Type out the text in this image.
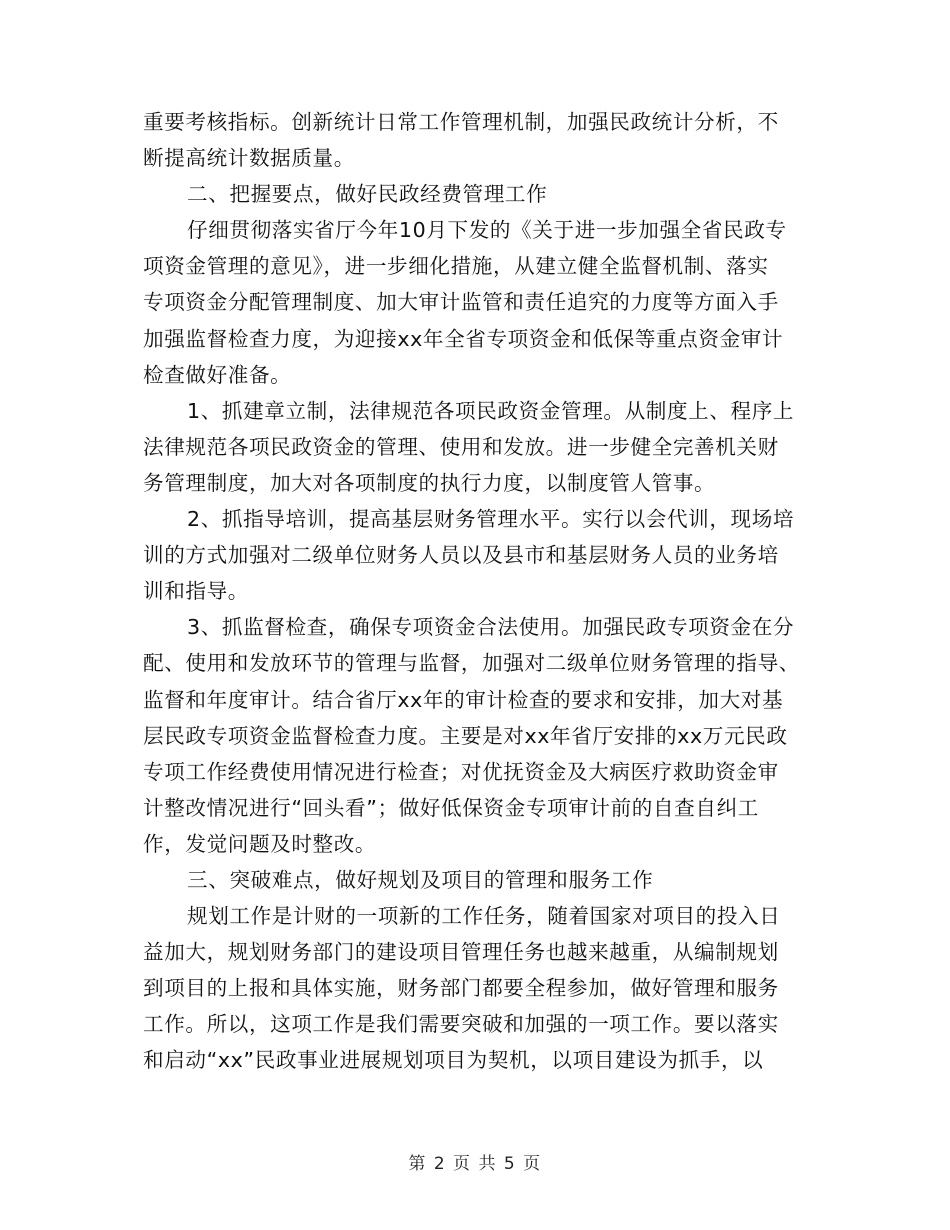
重要考核指标。创新统计日常工作管理机制，加强民政统计分析，不
断提高统计数据质量。
二、把握要点，做好民政经费管理工作
仔细贯彻落实省厅今年10月下发的《关于进一步加强全省民政专
项资金管理的意见》，进一步细化措施，从建立健全监督机制、落实
专项资金分配管理制度、加大审计监管和责任追究的力度等方面入手
加强监督检查力度，为迎接xx年全省专项资金和低保等重点资金审计
检查做好准备。
1、抓建章立制，法律规范各项民政资金管理。从制度上、程序上
法律规范各项民政资金的管理、使用和发放。进一步健全完善机关财
务管理制度，加大对各项制度的执行力度，以制度管人管事。
2、抓指导培训，提高基层财务管理水平。实行以会代训，现场培
训的方式加强对二级单位财务人员以及县市和基层财务人员的业务培
训和指导。
3、抓监督检查，确保专项资金合法使用。加强民政专项资金在分
配、使用和发放环节的管理与监督，加强对二级单位财务管理的指导、
监督和年度审计。结合省厅xx年的审计检查的要求和安排，加大对基
层民政专项资金监督检查力度。主要是对xx年省厅安排的xx万元民政
专项工作经费使用情况进行检查；对优抚资金及大病医疗救助资金审
计整改情况进行“回头看”；做好低保资金专项审计前的自查自纠工
作，发觉问题及时整改。
三、突破难点，做好规划及项目的管理和服务工作
规划工作是计财的一项新的工作任务，随着国家对项目的投入日
益加大，规划财务部门的建设项目管理任务也越来越重，从编制规划
到项目的上报和具体实施，财务部门都要全程参加，做好管理和服务
工作。所以，这项工作是我们需要突破和加强的一项工作。要以落实
和启动“xx”民政事业进展规划项目为契机，以项目建设为抓手，以
第 2 页 共 5 页
